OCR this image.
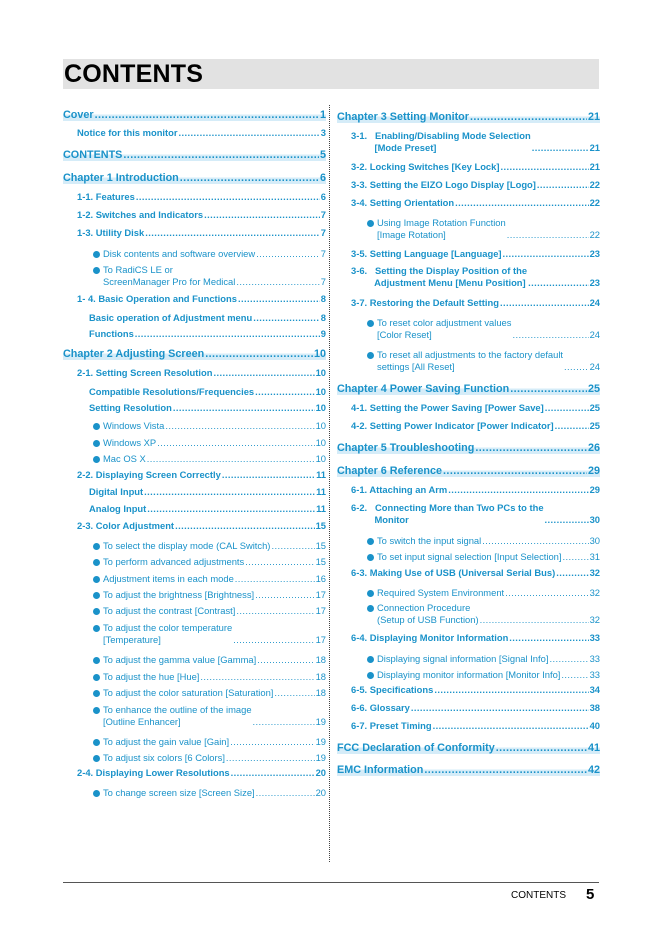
CONTENTS
Cover .....	1
Notice for this monitor .....	3
CONTENTS .....	5
Chapter 1 Introduction .....	6
1-1. Features .....	6
1-2. Switches and Indicators .....	7
1-3. Utility Disk .....	7
Disk contents and software overview .....	7
To RadiCS LE or
ScreenManager Pro for Medical .....	7
1- 4. Basic Operation and Functions .....	8
Basic operation of Adjustment menu .....	8
Functions .....	9
Chapter 2 Adjusting Screen .....	10
2-1. Setting Screen Resolution .....	10
Compatible Resolutions/Frequencies .....	10
Setting Resolution .....	10
Windows Vista .....	10
Windows XP .....	10
Mac OS X .....	10
2-2. Displaying Screen Correctly .....	11
Digital Input .....	11
Analog Input .....	11
2-3. Color Adjustment .....	15
To select the display mode (CAL Switch) .....	15
To perform advanced adjustments .....	15
Adjustment items in each mode .....	16
To adjust the brightness [Brightness] .....	17
To adjust the contrast [Contrast] .....	17
To adjust the color temperature
[Temperature] .....	17
To adjust the gamma value [Gamma] .....	18
To adjust the hue [Hue] .....	18
To adjust the color saturation [Saturation] .....	18
To enhance the outline of the image
[Outline Enhancer] .....	19
To adjust the gain value [Gain] .....	19
To adjust six colors [6 Colors] .....	19
2-4. Displaying Lower Resolutions .....	20
To change screen size [Screen Size] .....	20
Chapter 3 Setting Monitor .....	21
3-1.   Enabling/Disabling Mode Selection
[Mode Preset] .....	21
3-2. Locking Switches [Key Lock] .....	21
3-3. Setting the EIZO Logo Display [Logo] .....	22
3-4. Setting Orientation .....	22
Using Image Rotation Function
[Image Rotation] .....	22
3-5. Setting Language [Language] .....	23
3-6.   Setting the Display Position of the
Adjustment Menu [Menu Position] .....	23
3-7. Restoring the Default Setting .....	24
To reset color adjustment values
[Color Reset] .....	24
To reset all adjustments to the factory default
settings [All Reset] .....	24
Chapter 4 Power Saving Function .....	25
4-1. Setting the Power Saving [Power Save] .....	25
4-2. Setting Power Indicator [Power Indicator] .....	25
Chapter 5 Troubleshooting .....	26
Chapter 6 Reference .....	29
6-1. Attaching an Arm .....	29
6-2.   Connecting More than Two PCs to the
Monitor .....	30
To switch the input signal .....	30
To set input signal selection [Input Selection] .....	31
6-3. Making Use of USB (Universal Serial Bus) .....	32
Required System Environment .....	32
Connection Procedure
(Setup of USB Function) .....	32
6-4. Displaying Monitor Information .....	33
Displaying signal information [Signal Info] .....	33
Displaying monitor information [Monitor Info] .....	33
6-5. Specifications .....	34
6-6. Glossary .....	38
6-7. Preset Timing .....	40
FCC Declaration of Conformity .....	41
EMC Information .....	42
CONTENTS 5
